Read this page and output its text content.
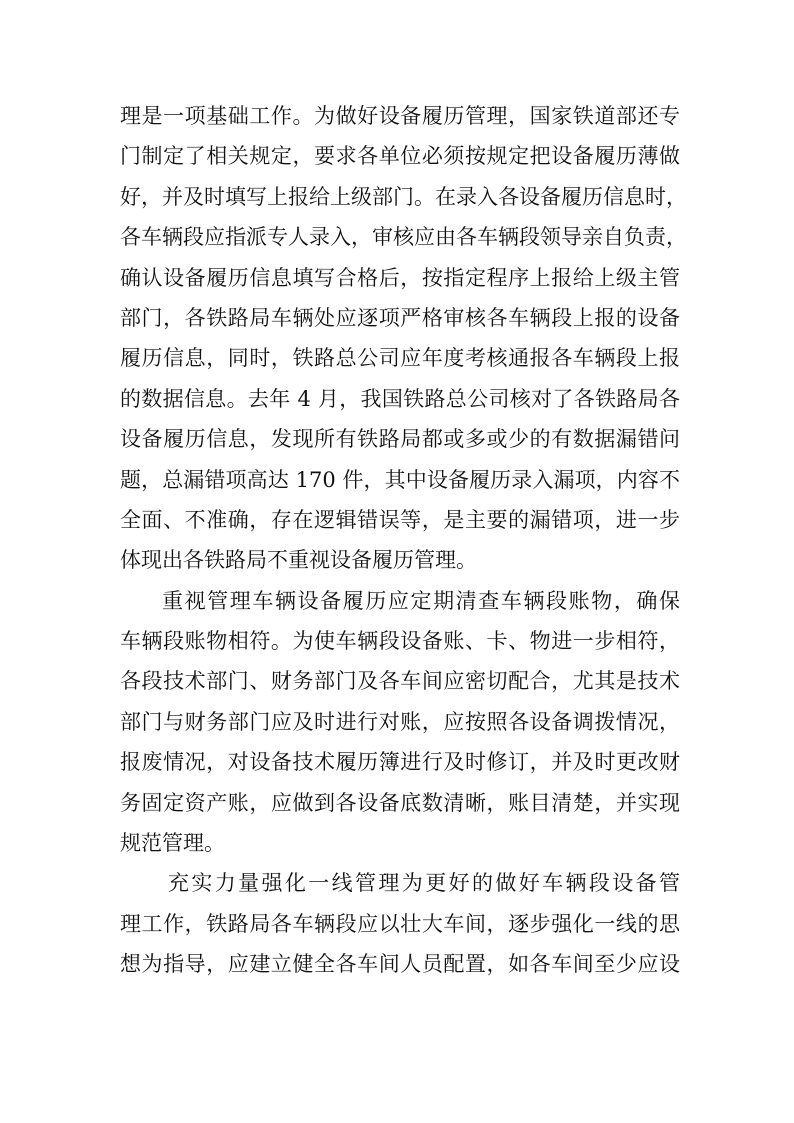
理是一项基础工作。为做好设备履历管理，国家铁道部还专
门制定了相关规定，要求各单位必须按规定把设备履历薄做
好，并及时填写上报给上级部门。在录入各设备履历信息时，
各车辆段应指派专人录入，审核应由各车辆段领导亲自负责，
确认设备履历信息填写合格后，按指定程序上报给上级主管
部门，各铁路局车辆处应逐项严格审核各车辆段上报的设备
履历信息，同时，铁路总公司应年度考核通报各车辆段上报
的数据信息。去年 4 月，我国铁路总公司核对了各铁路局各
设备履历信息，发现所有铁路局都或多或少的有数据漏错问
题，总漏错项高达 170 件，其中设备履历录入漏项，内容不
全面、不准确，存在逻辑错误等，是主要的漏错项，进一步
体现出各铁路局不重视设备履历管理。
重视管理车辆设备履历应定期清查车辆段账物，确保
车辆段账物相符。为使车辆段设备账、卡、物进一步相符，
各段技术部门、财务部门及各车间应密切配合，尤其是技术
部门与财务部门应及时进行对账，应按照各设备调拨情况，
报废情况，对设备技术履历簿进行及时修订，并及时更改财
务固定资产账，应做到各设备底数清晰，账目清楚，并实现
规范管理。
充实力量强化一线管理为更好的做好车辆段设备管
理工作，铁路局各车辆段应以壮大车间，逐步强化一线的思
想为指导，应建立健全各车间人员配置，如各车间至少应设
